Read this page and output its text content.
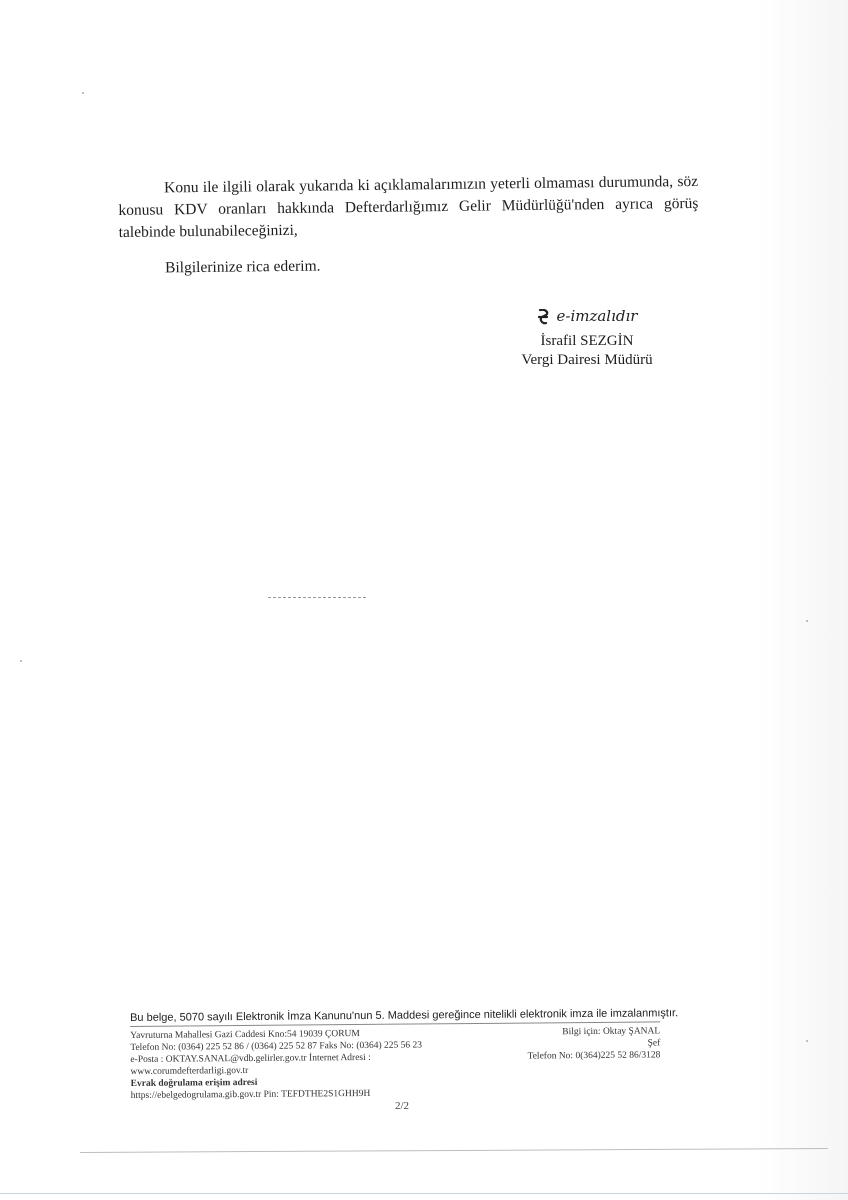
Konu ile ilgili olarak yukarıda ki açıklamalarımızın yeterli olmaması durumunda, söz konusu KDV oranları hakkında Defterdarlığımız Gelir Müdürlüğü'nden ayrıca görüş talebinde bulunabileceğinizi,

Bilgilerinize rica ederim.

e-imzalıdır
İsrafil SEZGİN
Vergi Dairesi Müdürü
Bu belge, 5070 sayılı Elektronik İmza Kanunu'nun 5. Maddesi gereğince nitelikli elektronik imza ile imzalanmıştır.
Yavruturna Mahallesi Gazi Caddesi Kno:54 19039 ÇORUM
Telefon No: (0364) 225 52 86 / (0364) 225 52 87 Faks No: (0364) 225 56 23
e-Posta : OKTAY.SANAL@vdb.gelirler.gov.tr İnternet Adresi :
www.corumdefterdarligi.gov.tr
Evrak doğrulama erişim adresi
https://ebelgedogrulama.gib.gov.tr Pin: TEFDTHE2S1GHH9H
Bilgi için: Oktay ŞANAL
Şef
Telefon No: 0(364)225 52 86/3128
2/2
